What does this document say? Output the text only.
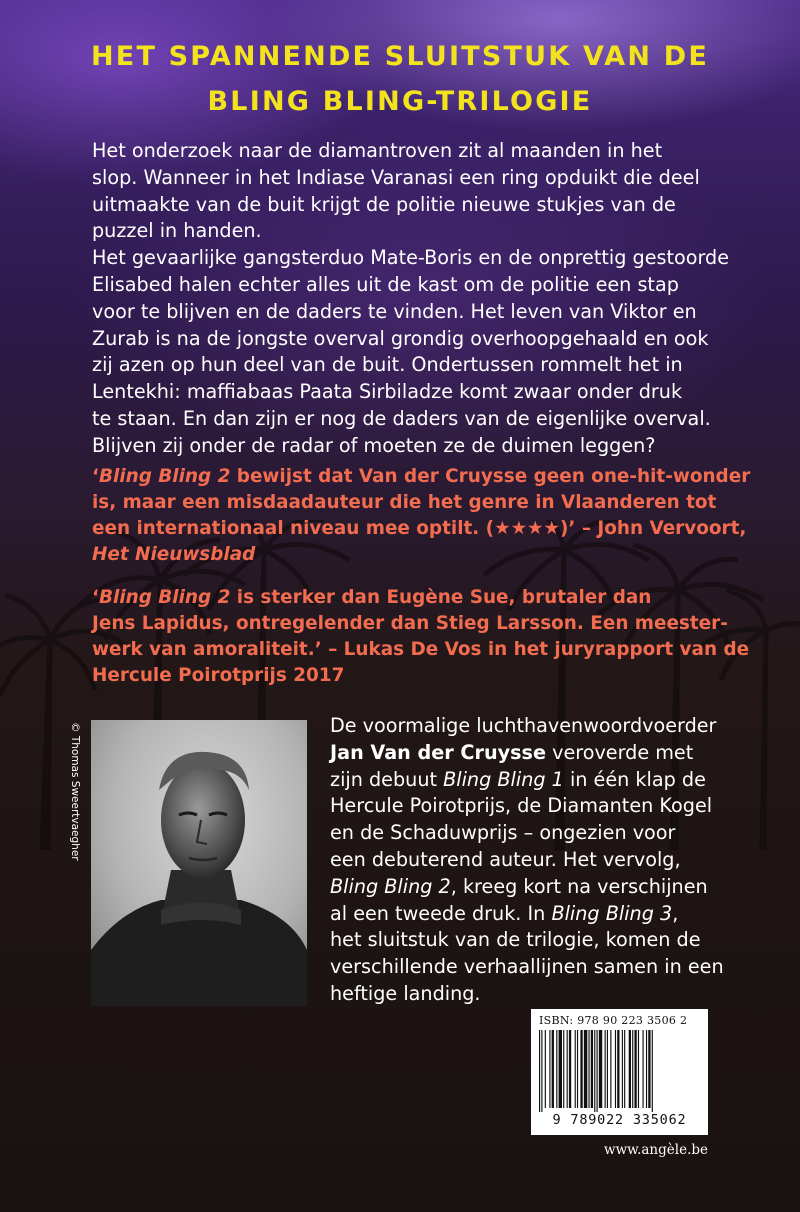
HET SPANNENDE SLUITSTUK VAN DE
BLING BLING-TRILOGIE

Het onderzoek naar de diamantroven zit al maanden in het

slop. Wanneer in het Indiase Varanasi een ring opduikt die deel

uitmaakte van de buit krijgt de politie nieuwe stukjes van de

puzzel in handen.

Het gevaarlijke gangsterduo Mate-Boris en de onprettig gestoorde

Elisabed halen echter alles uit de kast om de politie een stap

voor te blijven en de daders te vinden. Het leven van Viktor en

Zurab is na de jongste overval grondig overhoopgehaald en ook

zij azen op hun deel van de buit. Ondertussen rommelt het in

Lentekhi: maffiabaas Paata Sirbiladze komt zwaar onder druk

te staan. En dan zijn er nog de daders van de eigenlijke overval.

Blijven zij onder de radar of moeten ze de duimen leggen?

‘Bling Bling 2 bewijst dat Van der Cruysse geen one-hit-wonder

is, maar een misdaadauteur die het genre in Vlaanderen tot

een internationaal niveau mee optilt. (★★★★)’ – John Vervoort,

Het Nieuwsblad

‘Bling Bling 2 is sterker dan Eugène Sue, brutaler dan

Jens Lapidus, ontregelender dan Stieg Larsson. Een meester-

werk van amoraliteit.’ – Lukas De Vos in het juryrapport van de

Hercule Poirotprijs 2017

© Thomas Sweertvaegher	De voormalige luchthavenwoordvoerder

Jan Van der Cruysse veroverde met

zijn debuut Bling Bling 1 in één klap de

Hercule Poirotprijs, de Diamanten Kogel

en de Schaduwprijs – ongezien voor

een debuterend auteur. Het vervolg,

Bling Bling 2, kreeg kort na verschijnen

al een tweede druk. In Bling Bling 3,

het sluitstuk van de trilogie, komen de

verschillende verhaallijnen samen in een

heftige landing.

ISBN: 978 90 223 3506 2
9 789022 335062
www.angèle.be
